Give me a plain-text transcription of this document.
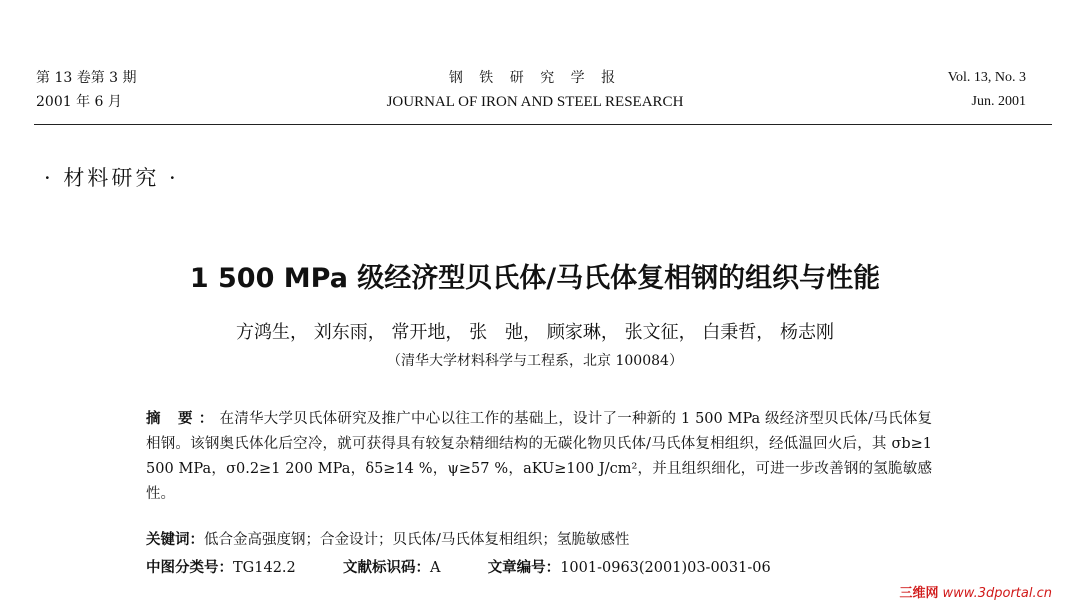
第 13 卷第 3 期
2001 年 6 月
钢 铁 研 究 学 报
JOURNAL OF IRON AND STEEL RESEARCH
Vol. 13, No. 3
Jun. 2001
· 材料研究 ·
1 500 MPa 级经济型贝氏体/马氏体复相钢的组织与性能
方鸿生， 刘东雨， 常开地， 张　弛， 顾家琳， 张文征， 白秉哲， 杨志刚
（清华大学材料科学与工程系，北京 100084）
摘 要：在清华大学贝氏体研究及推广中心以往工作的基础上，设计了一种新的 1 500 MPa 级经济型贝氏体/马氏体复相钢。该钢奥氏体化后空冷，就可获得具有较复杂精细结构的无碳化物贝氏体/马氏体复相组织，经低温回火后，其 σb≥1 500 MPa，σ0.2≥1 200 MPa，δ5≥14 %，ψ≥57 %，aKU≥100 J/cm²，并且组织细化，可进一步改善钢的氢脆敏感性。
关键词：低合金高强度钢；合金设计；贝氏体/马氏体复相组织；氢脆敏感性
中图分类号：TG142.2	文献标识码：A	文章编号：1001-0963(2001)03-0031-06
三维网 www.3dportal.cn
